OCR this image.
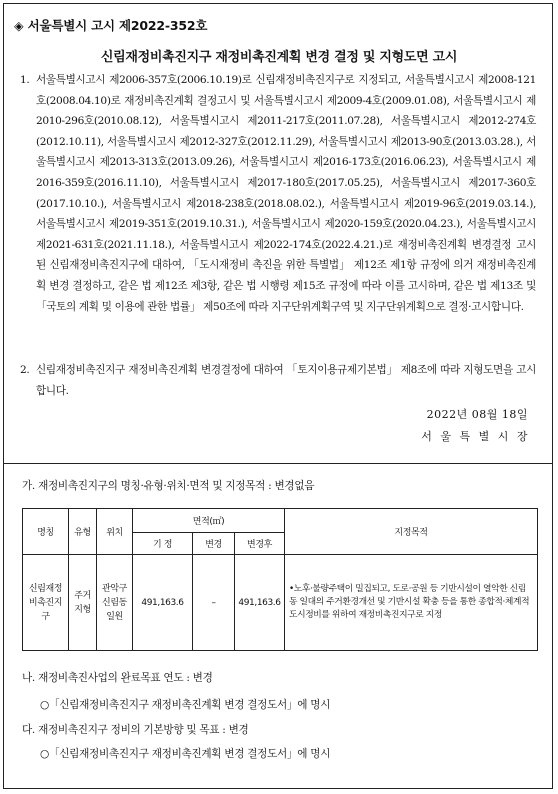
◈ 서울특별시 고시 제2022-352호
신림재정비촉진지구 재정비촉진계획 변경 결정 및 지형도면 고시
1. 서울특별시고시 제2006-357호(2006.10.19)로 신림재정비촉진지구로 지정되고, 서울특별시고시 제2008-121호(2008.04.10)로 재정비촉진계획 결정고시 및 서울특별시고시 제2009-4호(2009.01.08), 서울특별시고시 제2010-296호(2010.08.12), 서울특별시고시 제2011-217호(2011.07.28), 서울특별시고시 제2012-274호(2012.10.11), 서울특별시고시 제2012-327호(2012.11.29), 서울특별시고시 제2013-90호(2013.03.28.), 서울특별시고시 제2013-313호(2013.09.26), 서울특별시고시 제2016-173호(2016.06.23), 서울특별시고시 제2016-359호(2016.11.10), 서울특별시고시 제2017-180호(2017.05.25), 서울특별시고시 제2017-360호(2017.10.10.), 서울특별시고시 제2018-238호(2018.08.02.), 서울특별시고시 제2019-96호(2019.03.14.), 서울특별시고시 제2019-351호(2019.10.31.), 서울특별시고시 제2020-159호(2020.04.23.), 서울특별시고시 제2021-631호(2021.11.18.), 서울특별시고시 제2022-174호(2022.4.21.)로 재정비촉진계획 변경결정 고시된 신림재정비촉진지구에 대하여, 「도시재정비 촉진을 위한 특별법」 제12조 제1항 규정에 의거 재정비촉진계획 변경 결정하고, 같은 법 제12조 제3항, 같은 법 시행령 제15조 규정에 따라 이를 고시하며, 같은 법 제13조 및 「국토의 계획 및 이용에 관한 법률」 제50조에 따라 지구단위계획구역 및 지구단위계획으로 결정·고시합니다.
2. 신림재정비촉진지구 재정비촉진계획 변경결정에 대하여 「토지이용규제기본법」 제8조에 따라 지형도면을 고시합니다.
2022년 08월 18일
서 울 특 별 시 장
가. 재정비촉진지구의 명칭·유형·위치·면적 및 지정목적 : 변경없음
명칭	유형	위치	면적(㎡)			지정목적
			기 정	변경	변경후	
신림재정비촉진지구	주거지형	관악구신림동일원	491,163.6	–	491,163.6	•노후·불량주택이 밀집되고, 도로·공원 등 기반시설이 열악한 신림동 일대의 주거환경개선 및 기반시설 확충 등을 통한 종합적·체계적 도시정비를 위하여 재정비촉진지구로 지정
나. 재정비촉진사업의 완료목표 연도 : 변경
○「신림재정비촉진지구 재정비촉진계획 변경 결정도서」에 명시
다. 재정비촉진지구 정비의 기본방향 및 목표 : 변경
○「신림재정비촉진지구 재정비촉진계획 변경 결정도서」에 명시
